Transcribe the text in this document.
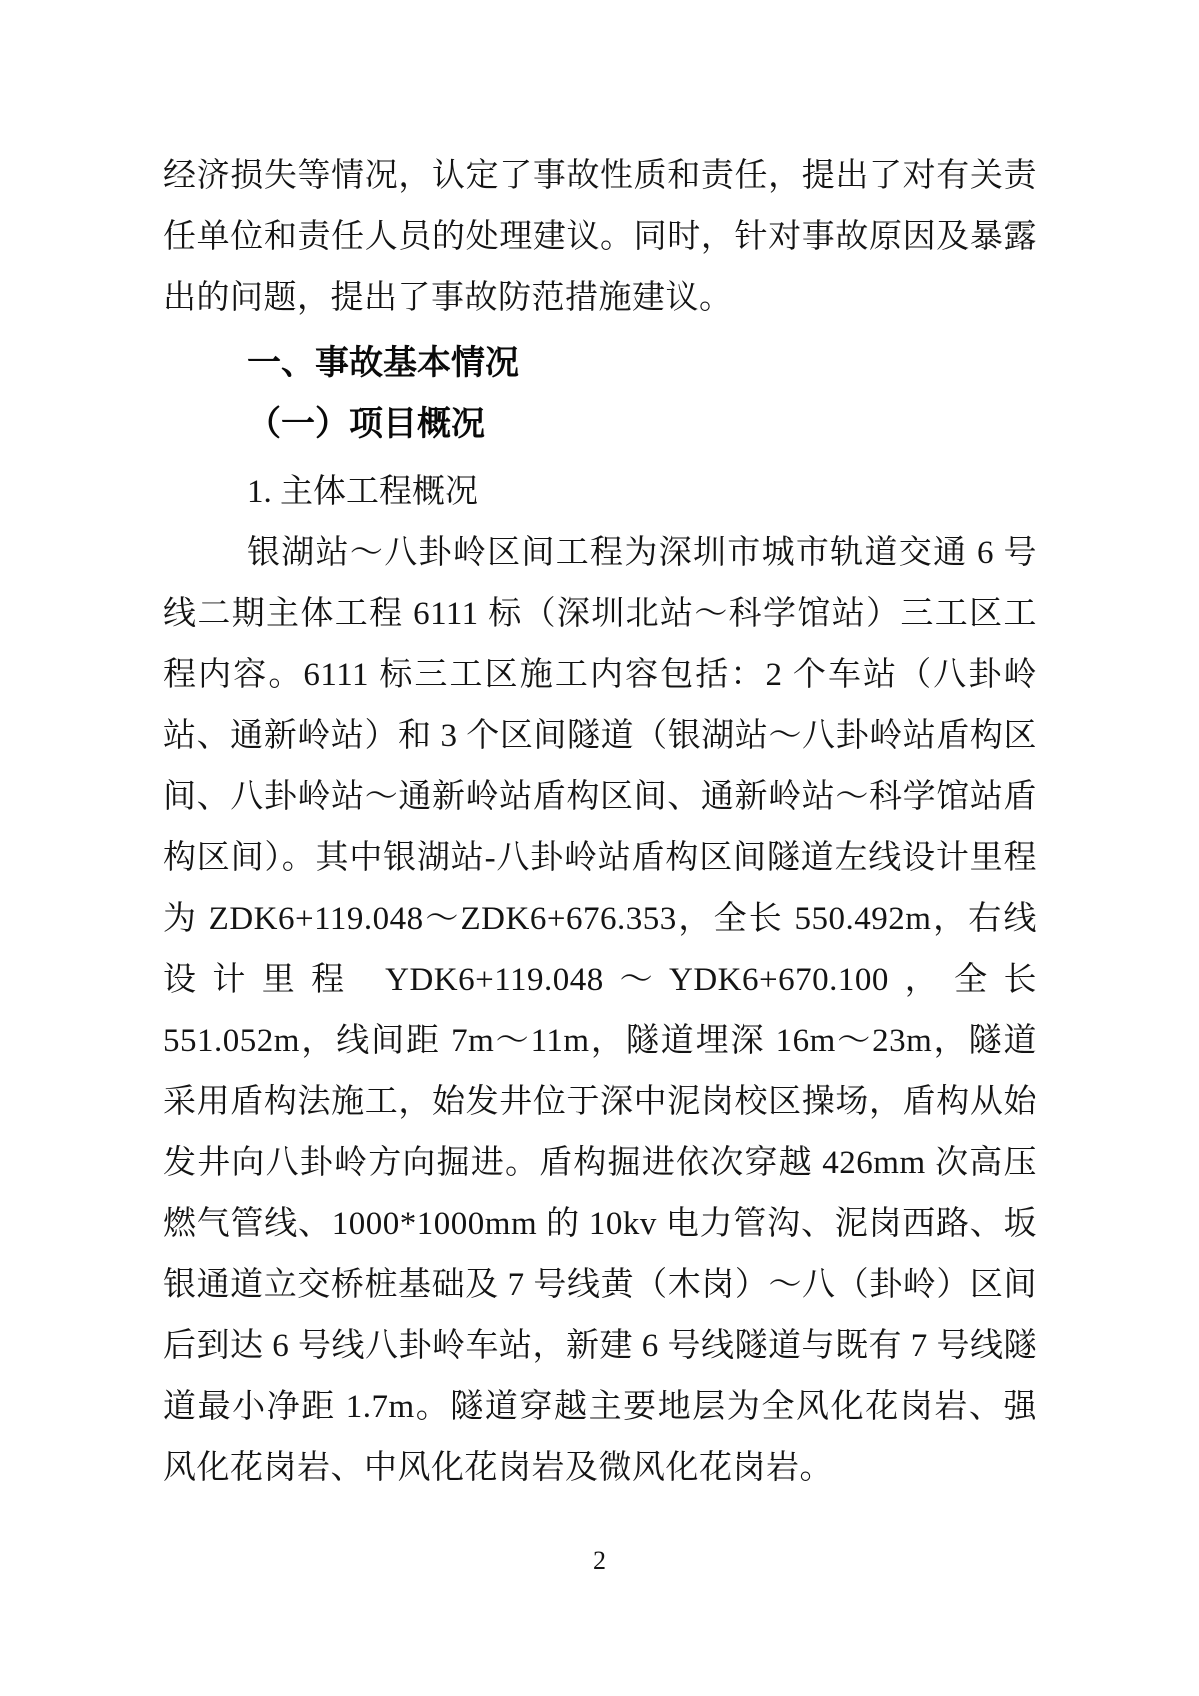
经济损失等情况，认定了事故性质和责任，提出了对有关责任单位和责任人员的处理建议。同时，针对事故原因及暴露出的问题，提出了事故防范措施建议。

一、事故基本情况
（一）项目概况

1. 主体工程概况

银湖站～八卦岭区间工程为深圳市城市轨道交通 6 号线二期主体工程 6111 标（深圳北站～科学馆站）三工区工程内容。6111 标三工区施工内容包括：2 个车站（八卦岭站、通新岭站）和 3 个区间隧道（银湖站～八卦岭站盾构区间、八卦岭站～通新岭站盾构区间、通新岭站～科学馆站盾构区间）。其中银湖站-八卦岭站盾构区间隧道左线设计里程为 ZDK6+119.048～ZDK6+676.353，全长 550.492m，右线设计里程 YDK6+119.048～YDK6+670.100，全长 551.052m，线间距 7m～11m，隧道埋深 16m～23m，隧道采用盾构法施工，始发井位于深中泥岗校区操场，盾构从始发井向八卦岭方向掘进。盾构掘进依次穿越 426mm 次高压燃气管线、1000*1000mm 的 10kv 电力管沟、泥岗西路、坂银通道立交桥桩基础及 7 号线黄（木岗）～八（卦岭）区间后到达 6 号线八卦岭车站，新建 6 号线隧道与既有 7 号线隧道最小净距 1.7m。隧道穿越主要地层为全风化花岗岩、强风化花岗岩、中风化花岗岩及微风化花岗岩。

2
